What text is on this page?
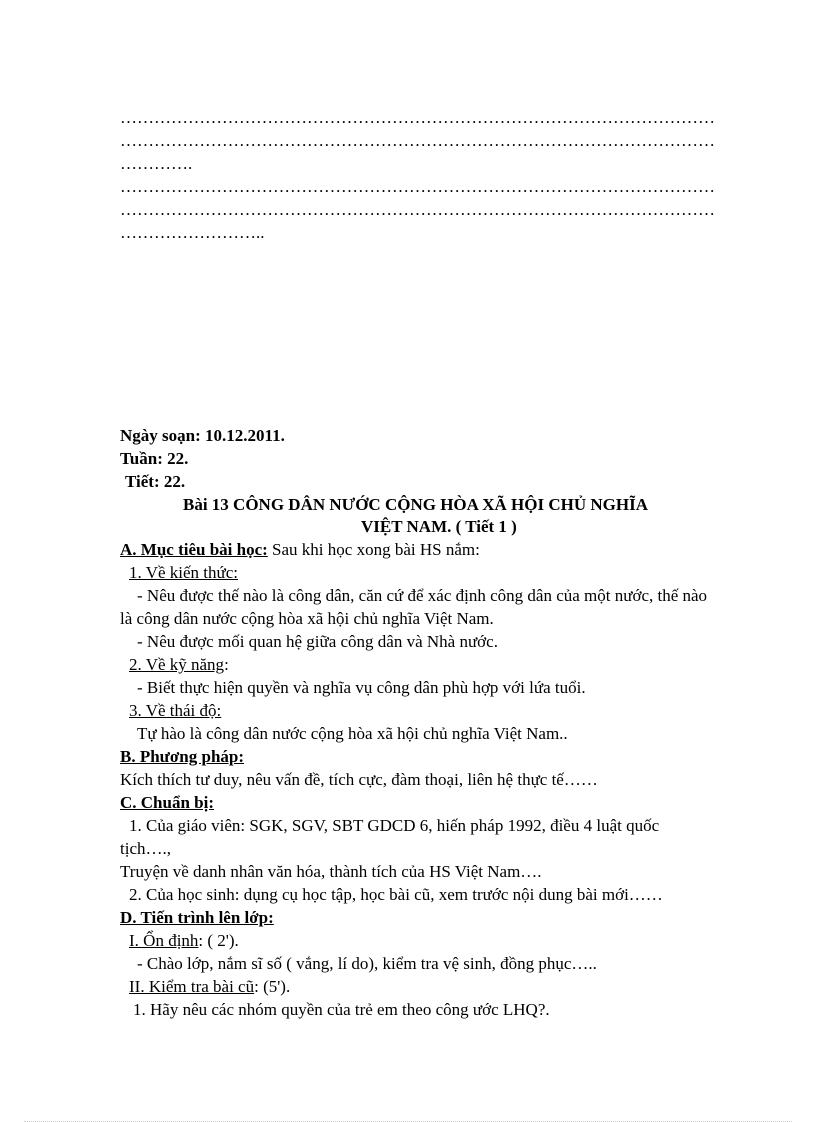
……………………………………………………………………………………………
……………………………………………………………………………………………
………….
……………………………………………………………………………………………
……………………………………………………………………………………………
……………………..
Ngày soạn: 10.12.2011.
Tuần: 22.
Tiết: 22.
Bài 13 CÔNG DÂN NƯỚC CỘNG HÒA XÃ HỘI CHỦ NGHĨA
VIỆT NAM. ( Tiết 1 )
A. Mục tiêu bài học: Sau khi học xong bài HS nắm:
1. Về kiến thức:
- Nêu được thế nào là công dân, căn cứ để xác định công dân của một nước, thế nào
là công dân nước cộng hòa xã hội chủ nghĩa Việt Nam.
- Nêu được mối quan hệ giữa công dân và Nhà nước.
2. Về kỹ năng:
- Biết thực hiện quyền và nghĩa vụ công dân phù hợp với lứa tuổi.
3. Về thái độ:
Tự hào là công dân nước cộng hòa xã hội chủ nghĩa Việt Nam..
B. Phương pháp:
Kích thích tư duy, nêu vấn đề, tích cực, đàm thoại, liên hệ thực tế……
C. Chuẩn bị:
1. Của giáo viên: SGK, SGV, SBT GDCD 6, hiến pháp 1992, điều 4 luật quốc
tịch….,
Truyện về danh nhân văn hóa, thành tích của HS Việt Nam….
2. Của học sinh: dụng cụ học tập, học bài cũ, xem trước nội dung bài mới……
D. Tiến trình lên lớp:
I. Ổn định: ( 2').
- Chào lớp, nắm sĩ số ( vắng, lí do), kiểm tra vệ sinh, đồng phục…..
II. Kiểm tra bài cũ: (5').
1. Hãy nêu các nhóm quyền của trẻ em theo công ước LHQ?.
